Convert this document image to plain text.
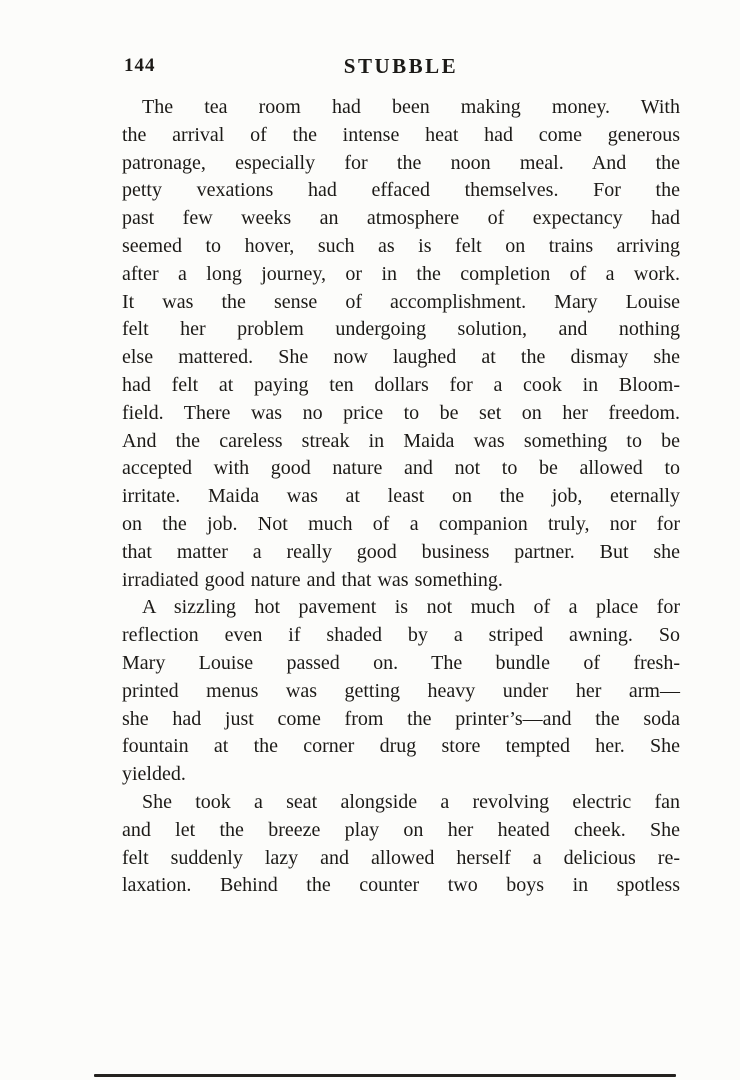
144	STUBBLE
The tea room had been making money. With
the arrival of the intense heat had come generous
patronage, especially for the noon meal. And the
petty vexations had effaced themselves. For the
past few weeks an atmosphere of expectancy had
seemed to hover, such as is felt on trains arriving
after a long journey, or in the completion of a work.
It was the sense of accomplishment. Mary Louise
felt her problem undergoing solution, and nothing
else mattered. She now laughed at the dismay she
had felt at paying ten dollars for a cook in Bloom-
field. There was no price to be set on her freedom.
And the careless streak in Maida was something to be
accepted with good nature and not to be allowed to
irritate. Maida was at least on the job, eternally
on the job. Not much of a companion truly, nor for
that matter a really good business partner. But she
irradiated good nature and that was something.
A sizzling hot pavement is not much of a place for
reflection even if shaded by a striped awning. So
Mary Louise passed on. The bundle of fresh-
printed menus was getting heavy under her arm—
she had just come from the printer’s—and the soda
fountain at the corner drug store tempted her. She
yielded.
She took a seat alongside a revolving electric fan
and let the breeze play on her heated cheek. She
felt suddenly lazy and allowed herself a delicious re-
laxation. Behind the counter two boys in spotless
